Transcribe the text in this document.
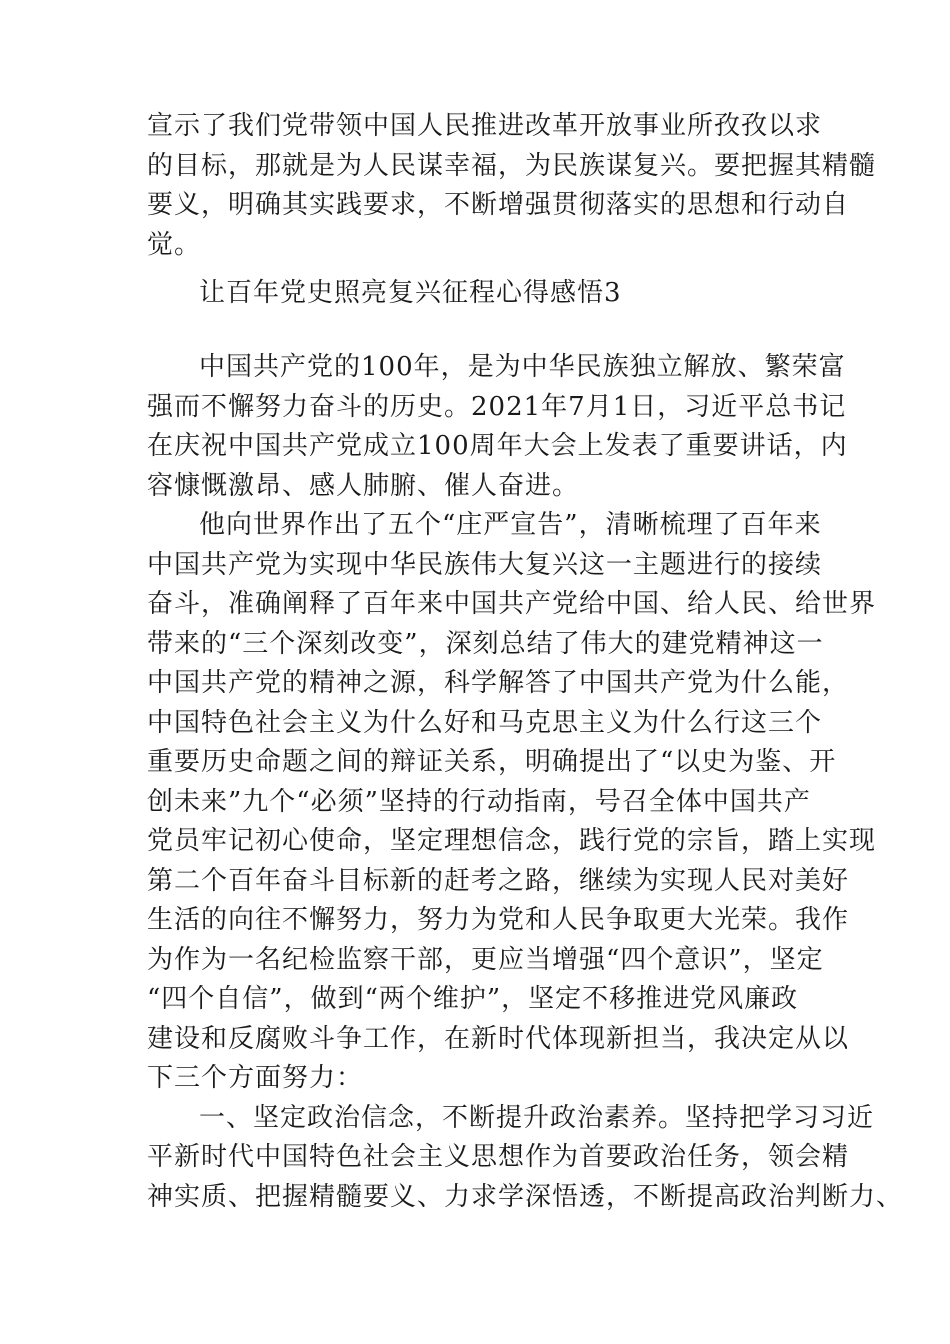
宣示了我们党带领中国人民推进改革开放事业所孜孜以求
的目标，那就是为人民谋幸福，为民族谋复兴。要把握其精髓
要义，明确其实践要求，不断增强贯彻落实的思想和行动自
觉。
让百年党史照亮复兴征程心得感悟3
中国共产党的100年，是为中华民族独立解放、繁荣富
强而不懈努力奋斗的历史。2021年7月1日，习近平总书记
在庆祝中国共产党成立100周年大会上发表了重要讲话，内
容慷慨激昂、感人肺腑、催人奋进。
他向世界作出了五个“庄严宣告”，清晰梳理了百年来
中国共产党为实现中华民族伟大复兴这一主题进行的接续
奋斗，准确阐释了百年来中国共产党给中国、给人民、给世界
带来的“三个深刻改变”，深刻总结了伟大的建党精神这一
中国共产党的精神之源，科学解答了中国共产党为什么能，
中国特色社会主义为什么好和马克思主义为什么行这三个
重要历史命题之间的辩证关系，明确提出了“以史为鉴、开
创未来”九个“必须”坚持的行动指南，号召全体中国共产
党员牢记初心使命，坚定理想信念，践行党的宗旨，踏上实现
第二个百年奋斗目标新的赶考之路，继续为实现人民对美好
生活的向往不懈努力，努力为党和人民争取更大光荣。我作
为作为一名纪检监察干部，更应当增强“四个意识”，坚定
“四个自信”，做到“两个维护”，坚定不移推进党风廉政
建设和反腐败斗争工作，在新时代体现新担当，我决定从以
下三个方面努力：
一、坚定政治信念，不断提升政治素养。坚持把学习习近
平新时代中国特色社会主义思想作为首要政治任务，领会精
神实质、把握精髓要义、力求学深悟透，不断提高政治判断力、
